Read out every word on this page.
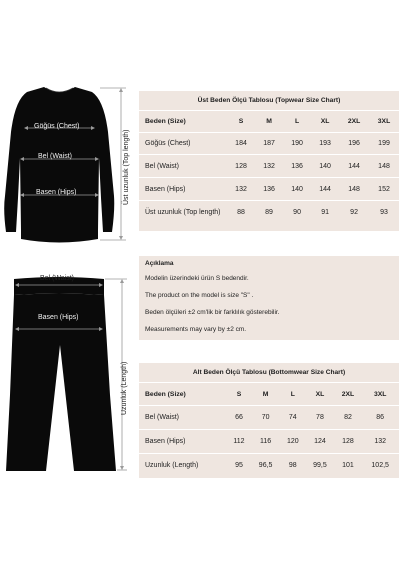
Göğüs (Chest)
Bel (Waist)
Basen (Hips)	Üst uzunluk (Top length)
Üst Beden Ölçü Tablosu (Topwear Size Chart)
Beden (Size)	S	M	L	XL	2XL	3XL
Göğüs (Chest)	184	187	190	193	196	199
Bel (Waist)	128	132	136	140	144	148
Basen (Hips)	132	136	140	144	148	152
Üst uzunluk (Top length)	88	89	90	91	92	93
Bel (Waist)
Basen (Hips)
Uzunluk (Length)
Açıklama
Modelin üzerindeki ürün S bedendir.
The product on the model is size "S" .
Beden ölçüleri ±2 cm'lik bir farklılık gösterebilir.
Measurements may vary by ±2 cm.
Alt Beden Ölçü Tablosu (Bottomwear Size Chart)
Beden (Size)	S	M	L	XL	2XL	3XL
Bel (Waist)	66	70	74	78	82	86
Basen (Hips)	112	116	120	124	128	132
Uzunluk (Length)	95	96,5	98	99,5	101	102,5
